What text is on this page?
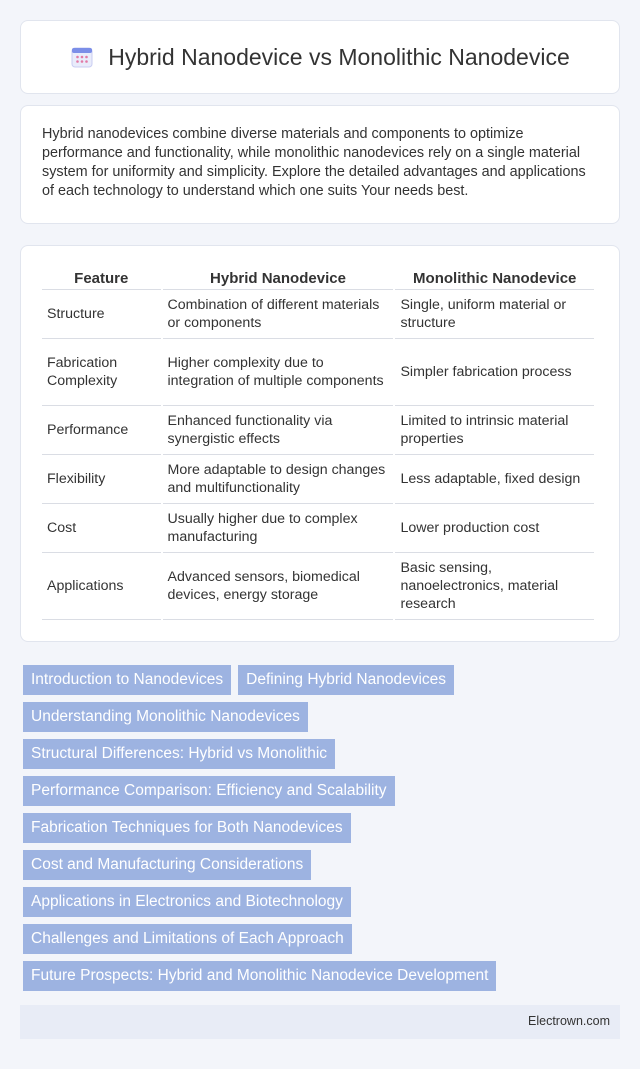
Hybrid Nanodevice vs Monolithic Nanodevice

Hybrid nanodevices combine diverse materials and components to optimize performance and functionality, while monolithic nanodevices rely on a single material system for uniformity and simplicity. Explore the detailed advantages and applications of each technology to understand which one suits Your needs best.

Feature	Hybrid Nanodevice	Monolithic Nanodevice
Structure	Combination of different materials or components	Single, uniform material or structure
Fabrication Complexity	Higher complexity due to integration of multiple components	Simpler fabrication process
Performance	Enhanced functionality via synergistic effects	Limited to intrinsic material properties
Flexibility	More adaptable to design changes and multifunctionality	Less adaptable, fixed design
Cost	Usually higher due to complex manufacturing	Lower production cost
Applications	Advanced sensors, biomedical devices, energy storage	Basic sensing, nanoelectronics, material research
Introduction to Nanodevices	Defining Hybrid Nanodevices
Understanding Monolithic Nanodevices
Structural Differences: Hybrid vs Monolithic
Performance Comparison: Efficiency and Scalability
Fabrication Techniques for Both Nanodevices
Cost and Manufacturing Considerations
Applications in Electronics and Biotechnology
Challenges and Limitations of Each Approach
Future Prospects: Hybrid and Monolithic Nanodevice Development
Electrown.com
